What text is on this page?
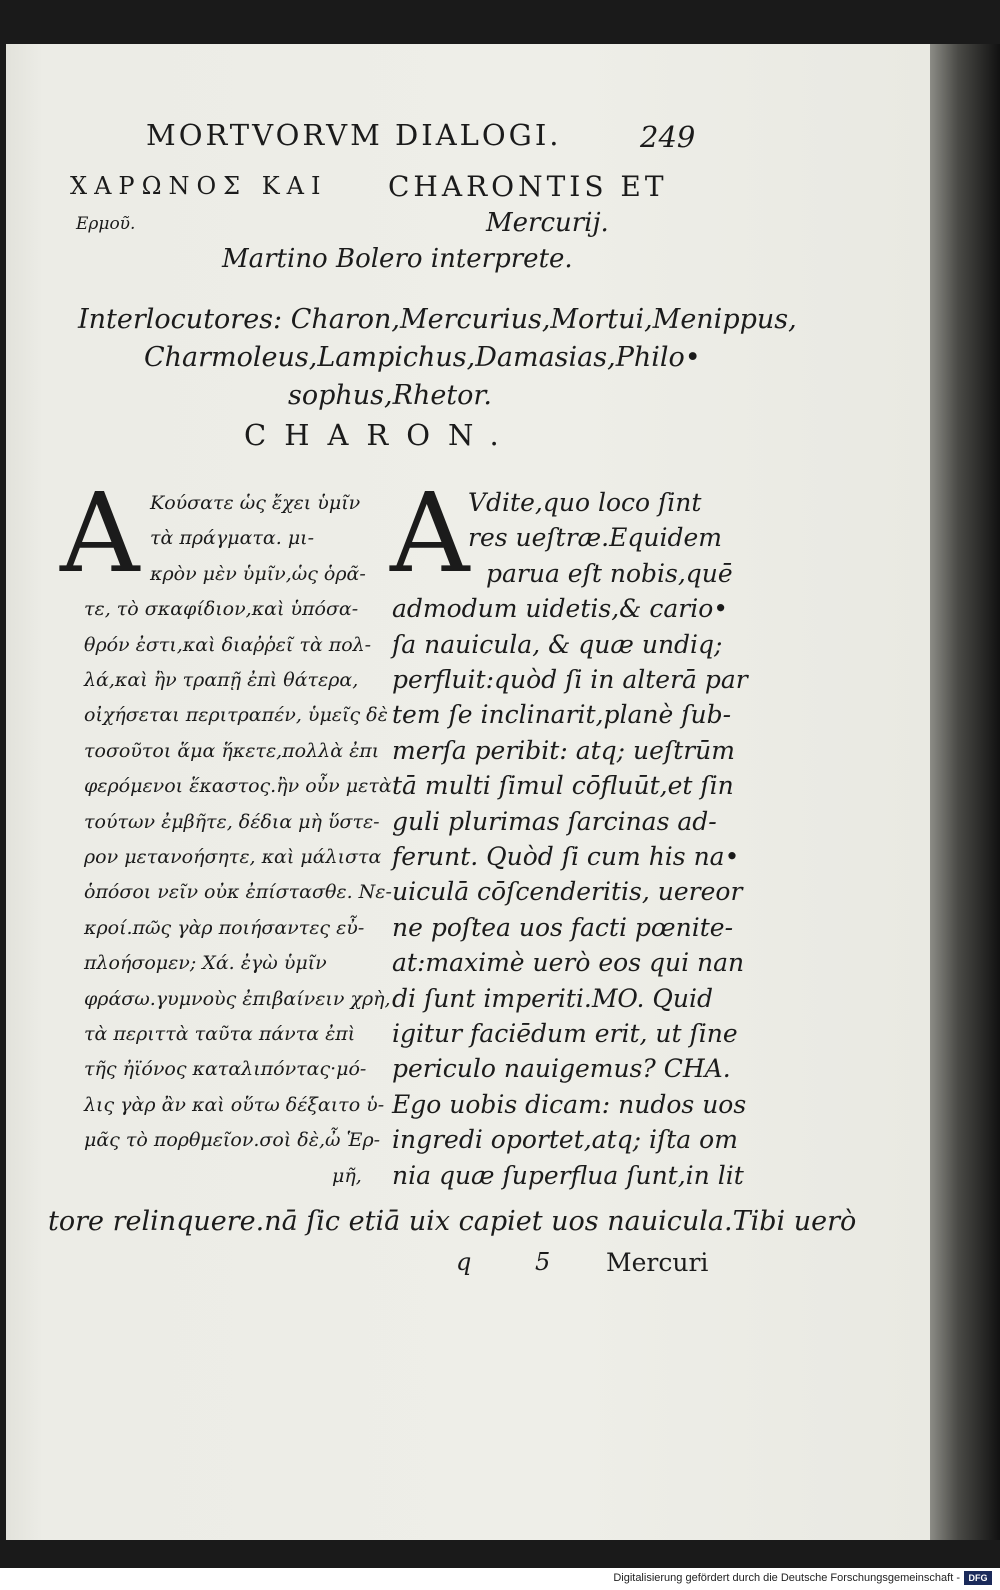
MORTVORVM DIALOGI.	249
ΧΑΡΩΝΟΣ ΚΑΙ CHARONTIS ET
Ερμοῦ.	Mercurij.
Martino Bolero interprete.
Interlocutores: Charon,Mercurius,Mortui,Menippus,
Charmoleus,Lampichus,Damasias,Philo•
sophus,Rhetor.
CHARON.
A A
Κούσατε ὡς ἔχει ὑμῖν
τὰ πράγματα. μι-
κρὸν μὲν ὑμῖν,ὡς ὁρᾶ-
τε, τὸ σκαφίδιον,καὶ ὑπόσα-
θρόν ἐστι,καὶ διαῤῥεῖ τὰ πολ-
λά,καὶ ἢν τραπῇ ἐπὶ θάτερα,
οἰχήσεται περιτραπέν, ὑμεῖς δὲ
τοσοῦτοι ἅμα ἥκετε,πολλὰ ἐπι
φερόμενοι ἕκαστος.ἢν οὖν μετὰ
τούτων ἐμβῆτε, δέδια μὴ ὕστε-
ρον μετανοήσητε, καὶ μάλιστα
ὁπόσοι νεῖν οὐκ ἐπίστασθε. Νε-
κροί.πῶς γὰρ ποιήσαντες εὖ-
πλοήσομεν; Χά. ἐγὼ ὑμῖν
φράσω.γυμνοὺς ἐπιβαίνειν χρὴ,
τὰ περιττὰ ταῦτα πάντα ἐπὶ
τῆς ἠϊόνος καταλιπόντας·μό-
λις γὰρ ἂν καὶ οὕτω δέξαιτο ὑ-
μᾶς τὸ πορθμεῖον.σοὶ δὲ,ὦ Ἑρ-
μῆ,
Vdite,quo loco ſint
res ueſtræ.Equidem
parua eſt nobis,quē
admodum uidetis,& cario•
ſa nauicula, & quæ undiq;
perfluit:quòd ſi in alterā par
tem ſe inclinarit,planè ſub-
merſa peribit: atq; ueſtrūm
tā multi ſimul cōfluūt,et ſin
guli plurimas ſarcinas ad-
ferunt. Quòd ſi cum his na•
uiculā cōſcenderitis, uereor
ne poſtea uos facti pœnite-
at:maximè uerò eos qui nan
di ſunt imperiti.MO. Quid
igitur faciēdum erit, ut ſine
periculo nauigemus? CHA.
Ego uobis dicam: nudos uos
ingredi oportet,atq; iſta om
nia quæ ſuperflua ſunt,in lit
tore relinquere.nā ſic etiā uix capiet uos nauicula.Tibi uerò
q 5 Mercuri
Digitalisierung gefördert durch die Deutsche Forschungsgemeinschaft - DFG
